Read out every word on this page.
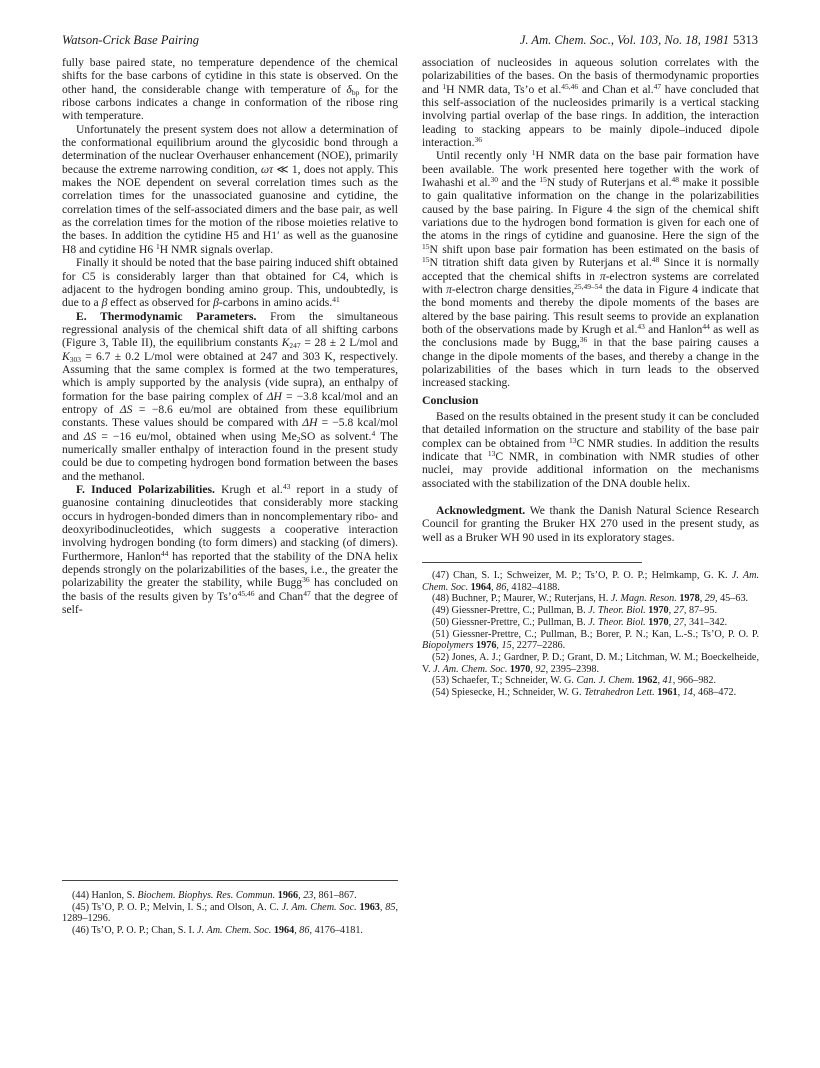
Watson-Crick Base Pairing	J. Am. Chem. Soc., Vol. 103, No. 18, 1981 5313

fully base paired state, no temperature dependence of the chemical shifts for the base carbons of cytidine in this state is observed. On the other hand, the considerable change with temperature of $\delta_{bp}$ for the ribose carbons indicates a change in conformation of the ribose ring with temperature.

Unfortunately the present system does not allow a determination of the conformational equilibrium around the glycosidic bond through a determination of the nuclear Overhauser enhancement (NOE), primarily because the extreme narrowing condition, ωτ ≪ 1, does not apply. This makes the NOE dependent on several correlation times such as the correlation times for the unassociated guanosine and cytidine, the correlation times of the self-associated dimers and the base pair, as well as the correlation times for the motion of the ribose moieties relative to the bases. In addition the cytidine H5 and H1′ as well as the guanosine H8 and cytidine H6 $^1$H NMR signals overlap.

Finally it should be noted that the base pairing induced shift obtained for C5 is considerably larger than that obtained for C4, which is adjacent to the hydrogen bonding amino group. This, undoubtedly, is due to a β effect as observed for β-carbons in amino acids.$^{41}$

E. Thermodynamic Parameters. From the simultaneous regressional analysis of the chemical shift data of all shifting carbons (Figure 3, Table II), the equilibrium constants $K_{247} = 28 \pm 2$ L/mol and $K_{303} = 6.7 \pm 0.2$ L/mol were obtained at 247 and 303 K, respectively. Assuming that the same complex is formed at the two temperatures, which is amply supported by the analysis (vide supra), an enthalpy of formation for the base pairing complex of ΔH = −3.8 kcal/mol and an entropy of ΔS = −8.6 eu/mol are obtained from these equilibrium constants. These values should be compared with ΔH = −5.8 kcal/mol and ΔS = −16 eu/mol, obtained when using $Me_2SO$ as solvent.$^4$ The numerically smaller enthalpy of interaction found in the present study could be due to competing hydrogen bond formation between the bases and the methanol.

F. Induced Polarizabilities. Krugh et al.$^{43}$ report in a study of guanosine containing dinucleotides that considerably more stacking occurs in hydrogen-bonded dimers than in noncomplementary ribo- and deoxyribodinucleotides, which suggests a cooperative interaction involving hydrogen bonding (to form dimers) and stacking (of dimers). Furthermore, Hanlon$^{44}$ has reported that the stability of the DNA helix depends strongly on the polarizabilities of the bases, i.e., the greater the polarizability the greater the stability, while Bugg$^{36}$ has concluded on the basis of the results given by $Ts’o^{45,46}$ and Chan$^{47}$ that the degree of self-

(44) Hanlon, S. Biochem. Biophys. Res. Commun. 1966, 23, 861–867.

(45) Ts’O, P. O. P.; Melvin, I. S.; and Olson, A. C. J. Am. Chem. Soc. 1963, 85, 1289–1296.

(46) Ts’O, P. O. P.; Chan, S. I. J. Am. Chem. Soc. 1964, 86, 4176–4181.

association of nucleosides in aqueous solution correlates with the polarizabilities of the bases. On the basis of thermodynamic proporties and $^1$H NMR data, Ts’o et al.$^{45,46}$ and Chan et al.$^{47}$ have concluded that this self-association of the nucleosides primarily is a vertical stacking involving partial overlap of the base rings. In addition, the interaction leading to stacking appears to be mainly dipole–induced dipole interaction.$^{36}$

Until recently only $^1$H NMR data on the base pair formation have been available. The work presented here together with the work of Iwahashi et al.$^{30}$ and the $^{15}$N study of Ruterjans et al.$^{48}$ make it possible to gain qualitative information on the change in the polarizabilities caused by the base pairing. In Figure 4 the sign of the chemical shift variations due to the hydrogen bond formation is given for each one of the atoms in the rings of cytidine and guanosine. Here the sign of the $^{15}$N shift upon base pair formation has been estimated on the basis of $^{15}$N titration shift data given by Ruterjans et al.$^{48}$ Since it is normally accepted that the chemical shifts in π-electron systems are correlated with π-electron charge densities,$^{25,49-54}$ the data in Figure 4 indicate that the bond moments and thereby the dipole moments of the bases are altered by the base pairing. This result seems to provide an explanation both of the observations made by Krugh et al.$^{43}$ and Hanlon$^{44}$ as well as the conclusions made by Bugg,$^{36}$ in that the base pairing causes a change in the dipole moments of the bases, and thereby a change in the polarizabilities of the bases which in turn leads to the observed increased stacking.

Conclusion

Based on the results obtained in the present study it can be concluded that detailed information on the structure and stability of the base pair complex can be obtained from $^{13}$C NMR studies. In addition the results indicate that $^{13}$C NMR, in combination with NMR studies of other nuclei, may provide additional information on the mechanisms associated with the stabilization of the DNA double helix.

Acknowledgment. We thank the Danish Natural Science Research Council for granting the Bruker HX 270 used in the present study, as well as a Bruker WH 90 used in its exploratory stages.

(47) Chan, S. I.; Schweizer, M. P.; Ts’O, P. O. P.; Helmkamp, G. K. J. Am. Chem. Soc. 1964, 86, 4182–4188.

(48) Buchner, P.; Maurer, W.; Ruterjans, H. J. Magn. Reson. 1978, 29, 45–63.

(49) Giessner-Prettre, C.; Pullman, B. J. Theor. Biol. 1970, 27, 87–95.

(50) Giessner-Prettre, C.; Pullman, B. J. Theor. Biol. 1970, 27, 341–342.

(51) Giessner-Prettre, C.; Pullman, B.; Borer, P. N.; Kan, L.-S.; Ts’O, P. O. P. Biopolymers 1976, 15, 2277–2286.

(52) Jones, A. J.; Gardner, P. D.; Grant, D. M.; Litchman, W. M.; Boeckelheide, V. J. Am. Chem. Soc. 1970, 92, 2395–2398.

(53) Schaefer, T.; Schneider, W. G. Can. J. Chem. 1962, 41, 966–982.

(54) Spiesecke, H.; Schneider, W. G. Tetrahedron Lett. 1961, 14, 468–472.
